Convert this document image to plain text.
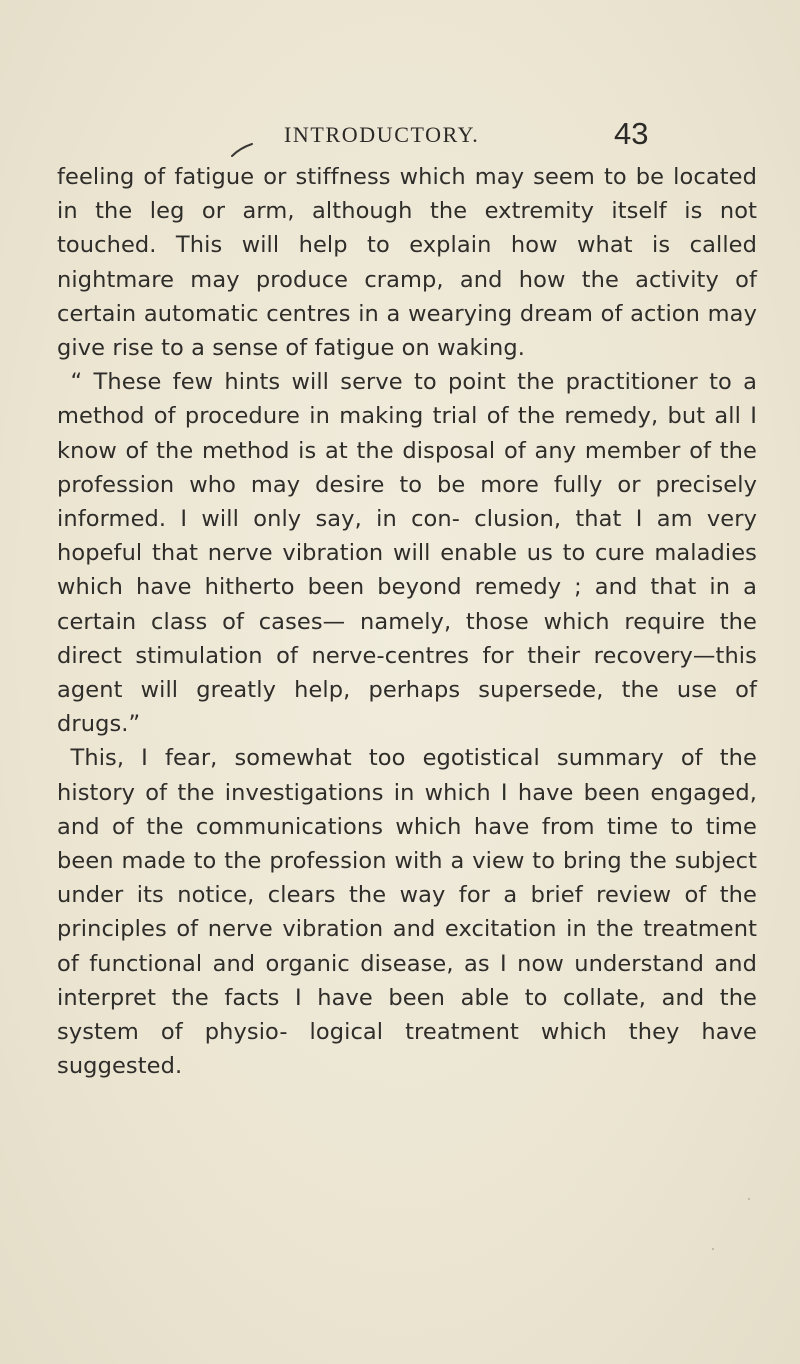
INTRODUCTORY.	43

feeling of fatigue or stiffness which may seem to be located in the leg or arm, although the extremity itself is not touched. This will help to explain how what is called nightmare may produce cramp, and how the activity of certain automatic centres in a wearying dream of action may give rise to a sense of fatigue on waking.

“ These few hints will serve to point the practitioner to a method of procedure in making trial of the remedy, but all I know of the method is at the disposal of any member of the profession who may desire to be more fully or precisely informed. I will only say, in con- clusion, that I am very hopeful that nerve vibration will enable us to cure maladies which have hitherto been beyond remedy ; and that in a certain class of cases— namely, those which require the direct stimulation of nerve-centres for their recovery—this agent will greatly help, perhaps supersede, the use of drugs.”

This, I fear, somewhat too egotistical summary of the history of the investigations in which I have been engaged, and of the communications which have from time to time been made to the profession with a view to bring the subject under its notice, clears the way for a brief review of the principles of nerve vibration and excitation in the treatment of functional and organic disease, as I now understand and interpret the facts I have been able to collate, and the system of physio- logical treatment which they have suggested.
